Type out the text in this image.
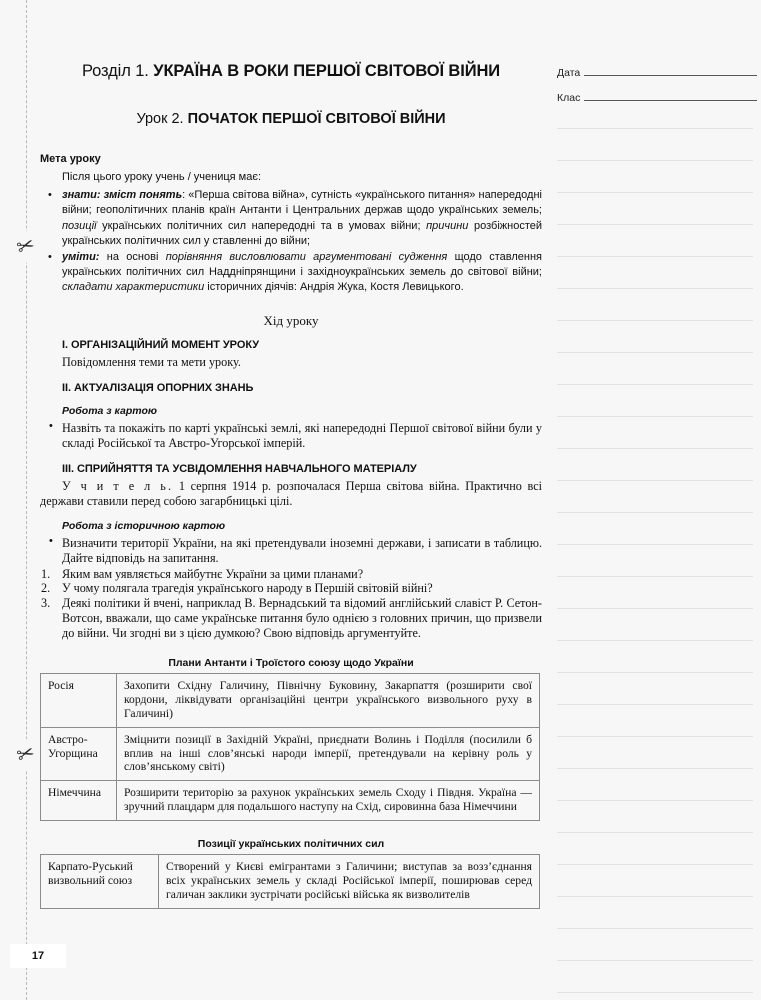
✂
✂
Дата
Клас
Розділ 1. УКРАЇНА В РОКИ ПЕРШОЇ СВІТОВОЇ ВІЙНИ
Урок 2. ПОЧАТОК ПЕРШОЇ СВІТОВОЇ ВІЙНИ
Мета уроку
Після цього уроку учень / учениця має:
• знати: зміст понять: «Перша світова війна», сутність «українського питання» напередодні війни; геополітичних планів країн Антанти і Центральних держав щодо українських земель; позиції українських політичних сил напередодні та в умовах війни; причини розбіжностей українських політичних сил у ставленні до війни;
• уміти: на основі порівняння висловлювати аргументовані судження щодо ставлення українських політичних сил Наддніпрянщини і західноукраїнських земель до світової війни; складати характеристики історичних діячів: Андрія Жука, Костя Левицького.
Хід уроку
I. ОРГАНІЗАЦІЙНИЙ МОМЕНТ УРОКУ

Повідомлення теми та мети уроку.

II. АКТУАЛІЗАЦІЯ ОПОРНИХ ЗНАНЬ
Робота з картою
• Назвіть та покажіть по карті українські землі, які напередодні Першої світової війни були у складі Російської та Австро-Угорської імперій.
III. СПРИЙНЯТТЯ ТА УСВІДОМЛЕННЯ НАВЧАЛЬНОГО МАТЕРІАЛУ

У ч и т е л ь. 1 серпня 1914 р. розпочалася Перша світова війна. Практично всі держави ставили перед собою загарбницькі цілі.

Робота з історичною картою
• Визначити території України, на які претендували іноземні держави, і записати в таблицю. Дайте відповідь на запитання.
Яким вам уявляється майбутнє України за цими планами?
У чому полягала трагедія українського народу в Першій світовій війні?
Деякі політики й вчені, наприклад В. Вернадський та відомий англійський славіст Р. Сетон-Вотсон, вважали, що саме українське питання було однією з головних причин, що призвели до війни. Чи згодні ви з цією думкою? Свою відповідь аргументуйте.
Плани Антанти і Троїстого союзу щодо України
Росія	Захопити Східну Галичину, Північну Буковину, Закарпаття (розширити свої кордони, ліквідувати організаційні центри українського визвольного руху в Галичині)
Австро-Угорщина	Зміцнити позиції в Західній Україні, приєднати Волинь і Поділля (посилили б вплив на інші слов’янські народи імперії, претендували на керівну роль у слов’янському світі)
Німеччина	Розширити територію за рахунок українських земель Сходу і Півдня. Україна — зручний плацдарм для подальшого наступу на Схід, сировинна база Німеччини
Позиції українських політичних сил
Карпато-Руський визвольний союз	Створений у Києві емігрантами з Галичини; виступав за возз’єднання всіх українських земель у складі Російської імперії, поширював серед галичан заклики зустрічати російські війська як визволителів
17
